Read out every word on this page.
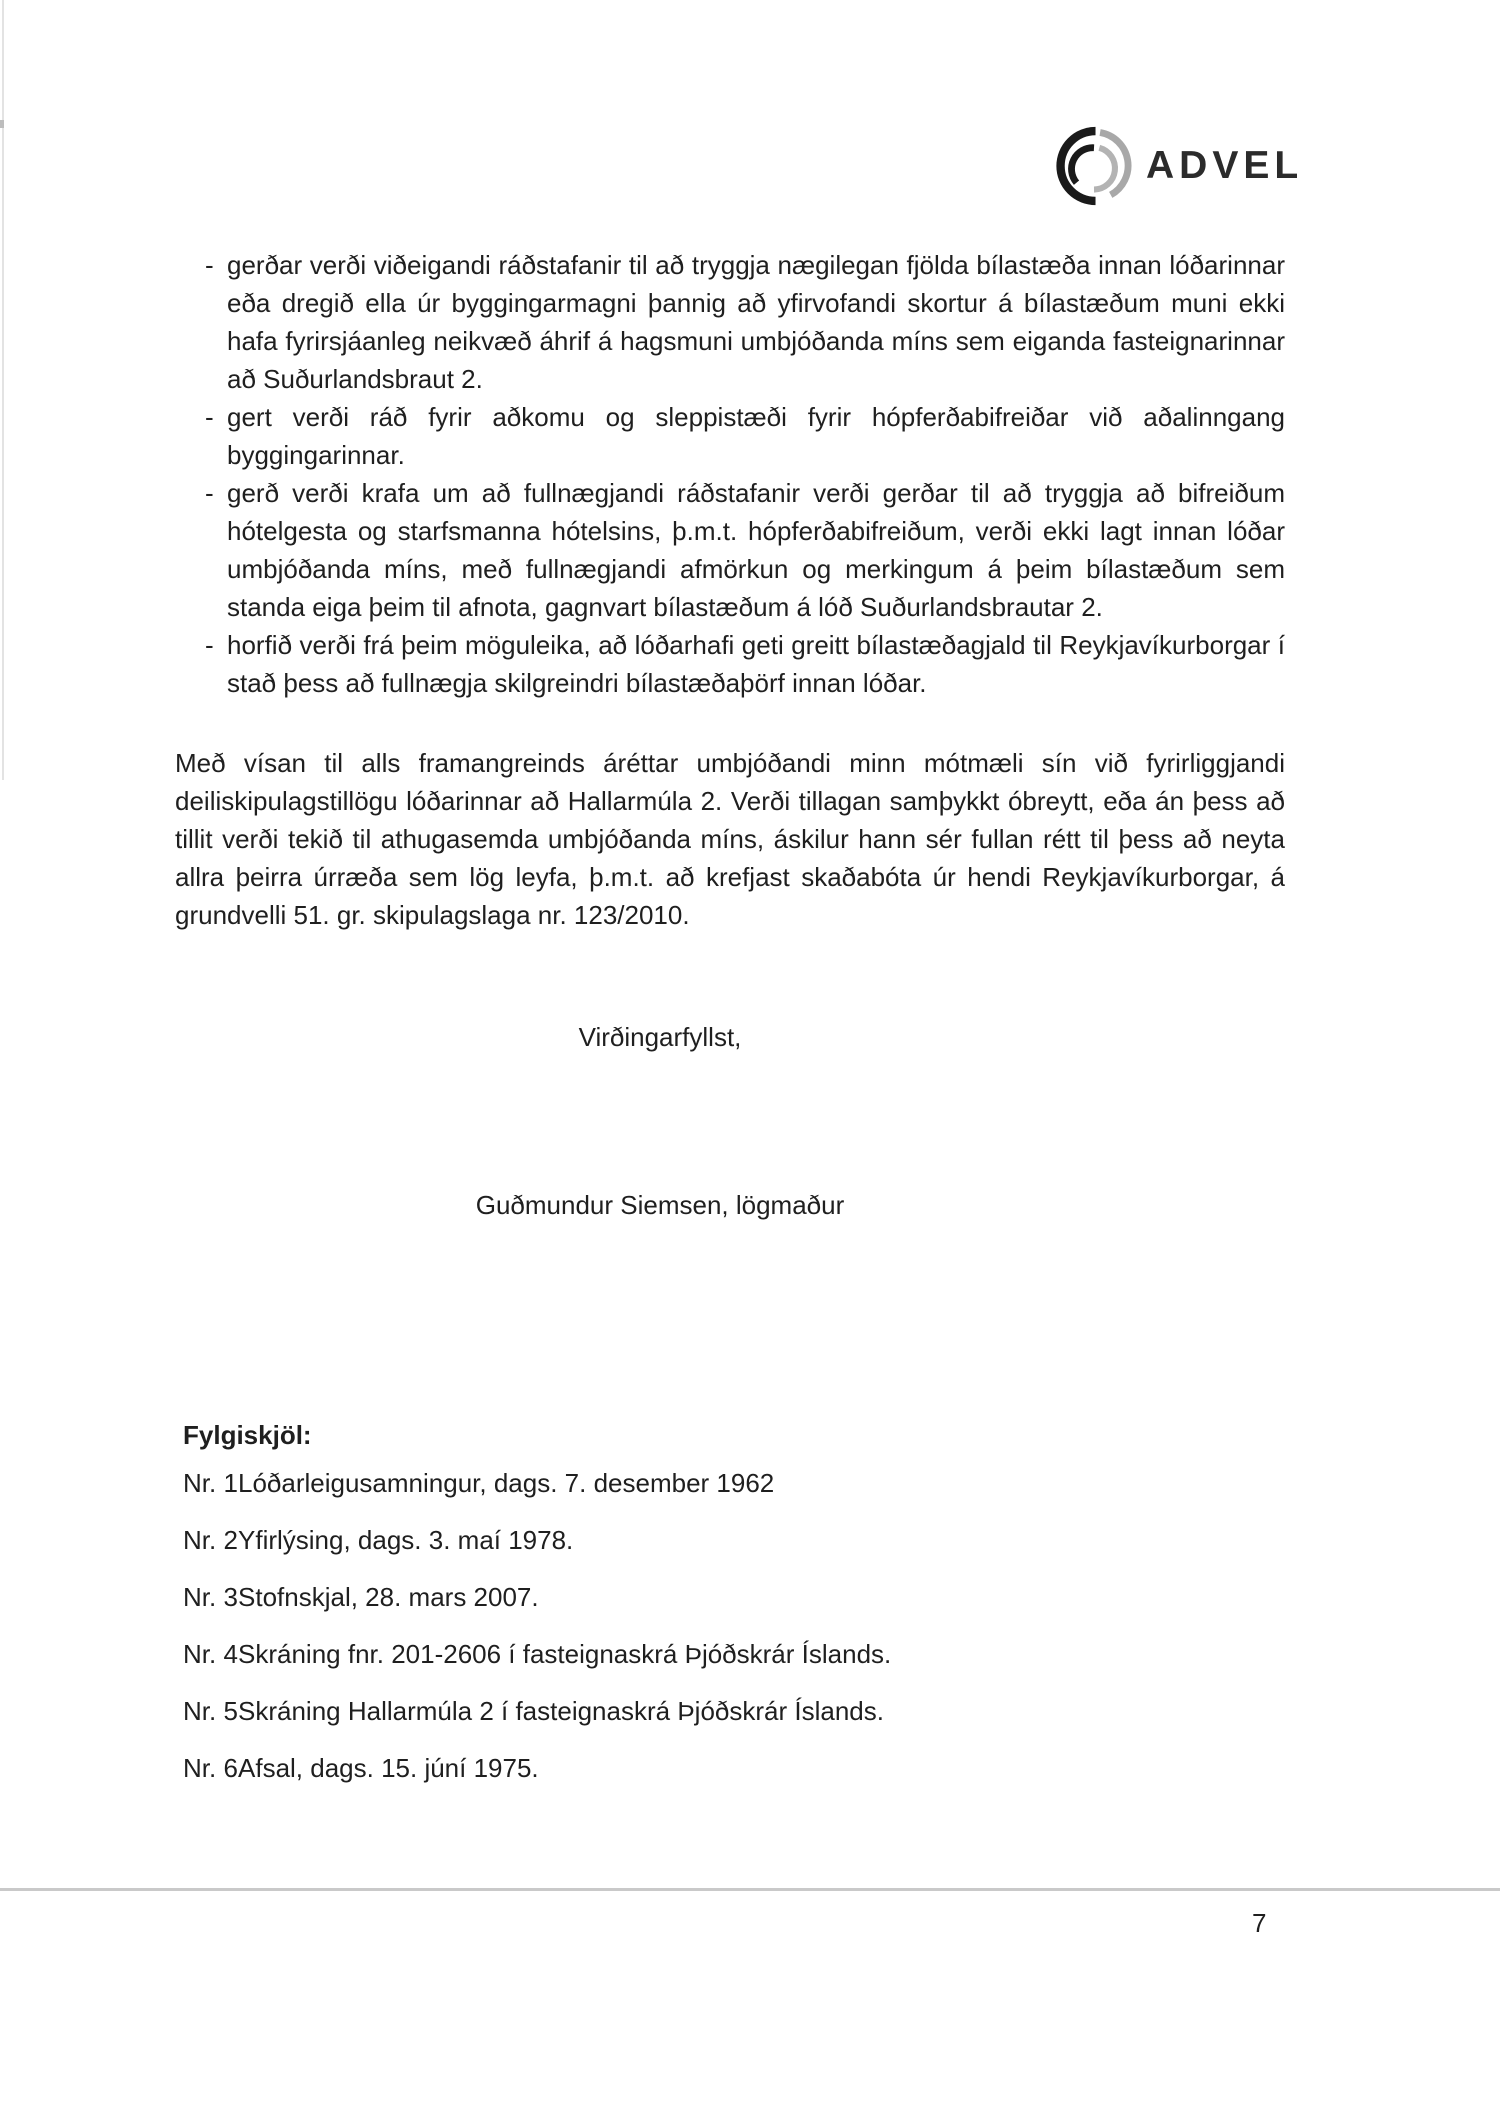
ADVEL
- gerðar verði viðeigandi ráðstafanir til að tryggja nægilegan fjölda bílastæða innan lóðarinnar eða dregið ella úr byggingarmagni þannig að yfirvofandi skortur á bílastæðum muni ekki hafa fyrirsjáanleg neikvæð áhrif á hagsmuni umbjóðanda míns sem eiganda fasteignarinnar að Suðurlandsbraut 2.

- gert verði ráð fyrir aðkomu og sleppistæði fyrir hópferðabifreiðar við aðalinngang byggingarinnar.

- gerð verði krafa um að fullnægjandi ráðstafanir verði gerðar til að tryggja að bifreiðum hótelgesta og starfsmanna hótelsins, þ.m.t. hópferðabifreiðum, verði ekki lagt innan lóðar umbjóðanda míns, með fullnægjandi afmörkun og merkingum á þeim bílastæðum sem standa eiga þeim til afnota, gagnvart bílastæðum á lóð Suðurlandsbrautar 2.

- horfið verði frá þeim möguleika, að lóðarhafi geti greitt bílastæðagjald til Reykjavíkurborgar í stað þess að fullnægja skilgreindri bílastæðaþörf innan lóðar.

Með vísan til alls framangreinds áréttar umbjóðandi minn mótmæli sín við fyrirliggjandi deiliskipulagstillögu lóðarinnar að Hallarmúla 2. Verði tillagan samþykkt óbreytt, eða án þess að tillit verði tekið til athugasemda umbjóðanda míns, áskilur hann sér fullan rétt til þess að neyta allra þeirra úrræða sem lög leyfa, þ.m.t. að krefjast skaðabóta úr hendi Reykjavíkurborgar, á grundvelli 51. gr. skipulagslaga nr. 123/2010.

Virðingarfyllst,

Guðmundur Siemsen, lögmaður

Fylgiskjöl:
Nr. 1 Lóðarleigusamningur, dags. 7. desember 1962
Nr. 2 Yfirlýsing, dags. 3. maí 1978.
Nr. 3 Stofnskjal, 28. mars 2007.
Nr. 4 Skráning fnr. 201-2606 í fasteignaskrá Þjóðskrár Íslands.
Nr. 5 Skráning Hallarmúla 2 í fasteignaskrá Þjóðskrár Íslands.
Nr. 6 Afsal, dags. 15. júní 1975.
7
